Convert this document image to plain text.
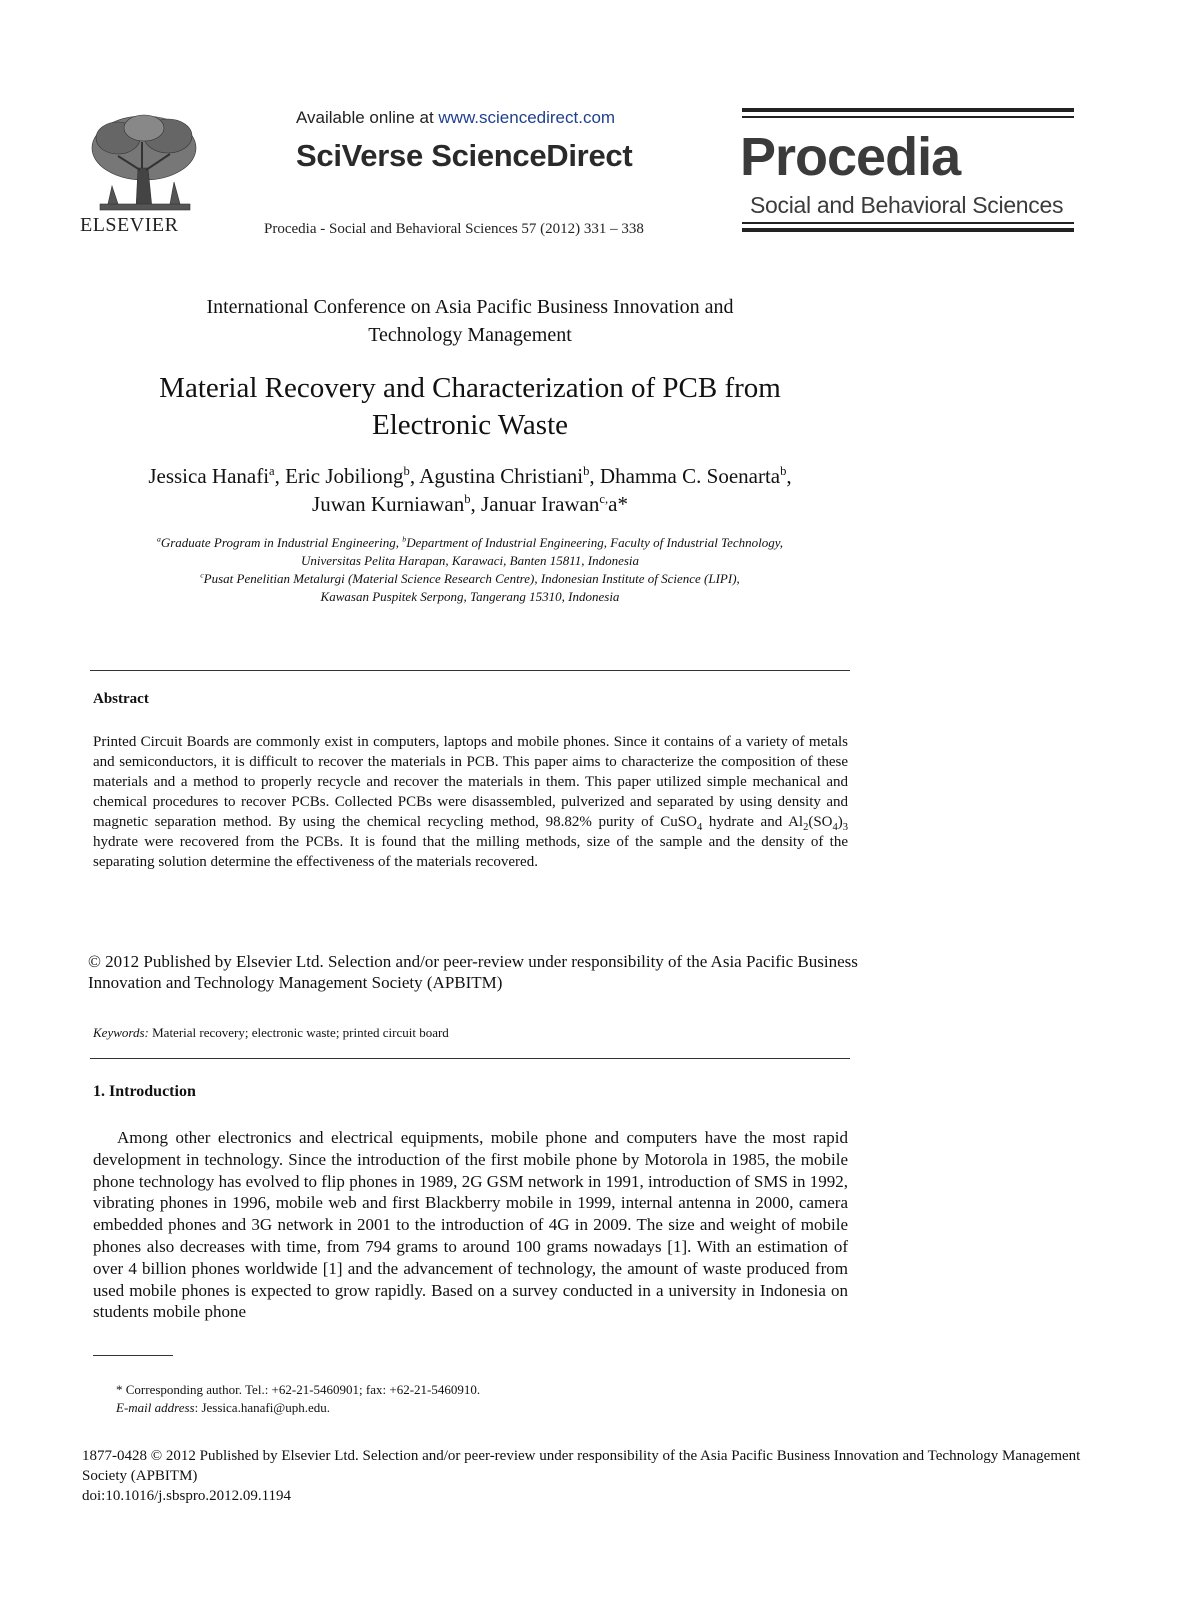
ELSEVIER
Available online at www.sciencedirect.com
SciVerse ScienceDirect
Procedia - Social and Behavioral Sciences 57 (2012) 331 – 338
Procedia
Social and Behavioral Sciences
International Conference on Asia Pacific Business Innovation and
Technology Management
Material Recovery and Characterization of PCB from
Electronic Waste
Jessica Hanafi$^a$, Eric Jobiliong$^b$, Agustina Christiani$^b$, Dhamma C. Soenarta$^b$,
Juwan Kurniawan$^b$, Januar Irawan$^{c,}$a*
$^a$Graduate Program in Industrial Engineering, $^b$Department of Industrial Engineering, Faculty of Industrial Technology,
Universitas Pelita Harapan, Karawaci, Banten 15811, Indonesia
$^c$Pusat Penelitian Metalurgi (Material Science Research Centre), Indonesian Institute of Science (LIPI),
Kawasan Puspitek Serpong, Tangerang 15310, Indonesia
Abstract
Printed Circuit Boards are commonly exist in computers, laptops and mobile phones. Since it contains of a variety of metals and semiconductors, it is difficult to recover the materials in PCB. This paper aims to characterize the composition of these materials and a method to properly recycle and recover the materials in them. This paper utilized simple mechanical and chemical procedures to recover PCBs. Collected PCBs were disassembled, pulverized and separated by using density and magnetic separation method. By using the chemical recycling method, 98.82% purity of CuSO$_4$ hydrate and $Al_2(SO_4)_3$ hydrate were recovered from the PCBs. It is found that the milling methods, size of the sample and the density of the separating solution determine the effectiveness of the materials recovered.
© 2012 Published by Elsevier Ltd. Selection and/or peer-review under responsibility of the Asia Pacific Business Innovation and Technology Management Society (APBITM)
Keywords: Material recovery; electronic waste; printed circuit board
1. Introduction
Among other electronics and electrical equipments, mobile phone and computers have the most rapid development in technology. Since the introduction of the first mobile phone by Motorola in 1985, the mobile phone technology has evolved to flip phones in 1989, 2G GSM network in 1991, introduction of SMS in 1992, vibrating phones in 1996, mobile web and first Blackberry mobile in 1999, internal antenna in 2000, camera embedded phones and 3G network in 2001 to the introduction of 4G in 2009. The size and weight of mobile phones also decreases with time, from 794 grams to around 100 grams nowadays [1]. With an estimation of over 4 billion phones worldwide [1] and the advancement of technology, the amount of waste produced from used mobile phones is expected to grow rapidly. Based on a survey conducted in a university in Indonesia on students mobile phone
* Corresponding author. Tel.: +62-21-5460901; fax: +62-21-5460910.
E-mail address: Jessica.hanafi@uph.edu.
1877-0428 © 2012 Published by Elsevier Ltd. Selection and/or peer-review under responsibility of the Asia Pacific Business Innovation and Technology Management Society (APBITM)
doi:10.1016/j.sbspro.2012.09.1194
